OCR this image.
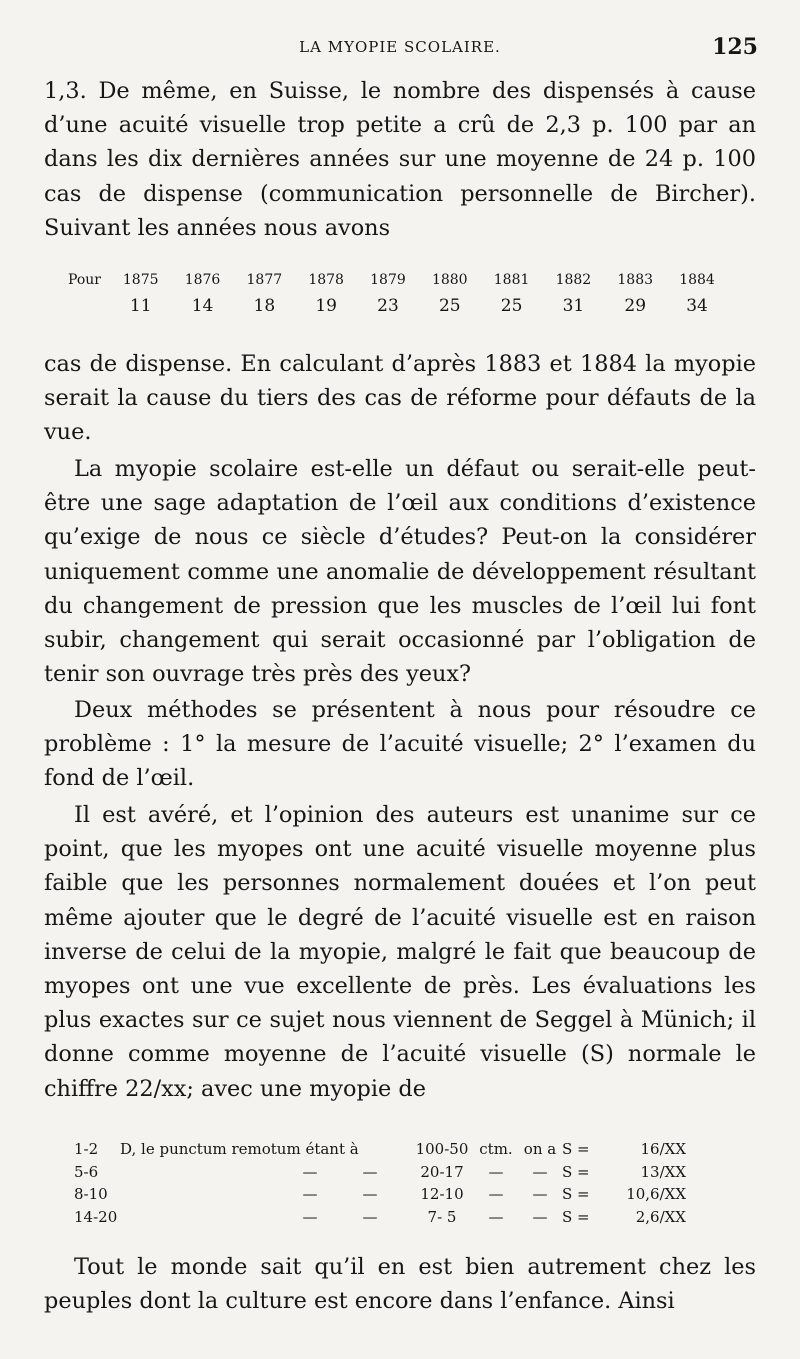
LA MYOPIE SCOLAIRE.	125

1,3. De même, en Suisse, le nombre des dispensés à cause d’une acuité visuelle trop petite a crû de 2,3 p. 100 par an dans les dix dernières années sur une moyenne de 24 p. 100 cas de dispense (communication personnelle de Bircher). Suivant les années nous avons

Pour	1875	1876	1877	1878	1879	1880	1881	1882	1883	1884
11	14	18	19	23	25	25	31	29	34

cas de dispense. En calculant d’après 1883 et 1884 la myopie serait la cause du tiers des cas de réforme pour défauts de la vue.

La myopie scolaire est-elle un défaut ou serait-elle peut-être une sage adaptation de l’œil aux conditions d’existence qu’exige de nous ce siècle d’études? Peut-on la considérer uniquement comme une anomalie de développement résultant du changement de pression que les muscles de l’œil lui font subir, changement qui serait occasionné par l’obligation de tenir son ouvrage très près des yeux?

Deux méthodes se présentent à nous pour résoudre ce problème : 1° la mesure de l’acuité visuelle; 2° l’examen du fond de l’œil.

Il est avéré, et l’opinion des auteurs est unanime sur ce point, que les myopes ont une acuité visuelle moyenne plus faible que les personnes normalement douées et l’on peut même ajouter que le degré de l’acuité visuelle est en raison inverse de celui de la myopie, malgré le fait que beaucoup de myopes ont une vue excellente de près. Les évaluations les plus exactes sur ce sujet nous viennent de Seggel à Münich; il donne comme moyenne de l’acuité visuelle (S) normale le chiffre 22/xx; avec une myopie de

1-2	D, le punctum remotum étant à	100-50 ctm. on a S =	16/XX
5-6	—	—	20-17	—	— S =	13/XX
8-10	—	—	12-10	—	— S =	10,6/XX
14-20	—	—	7- 5	—	— S =	2,6/XX

Tout le monde sait qu’il en est bien autrement chez les peuples dont la culture est encore dans l’enfance. Ainsi
